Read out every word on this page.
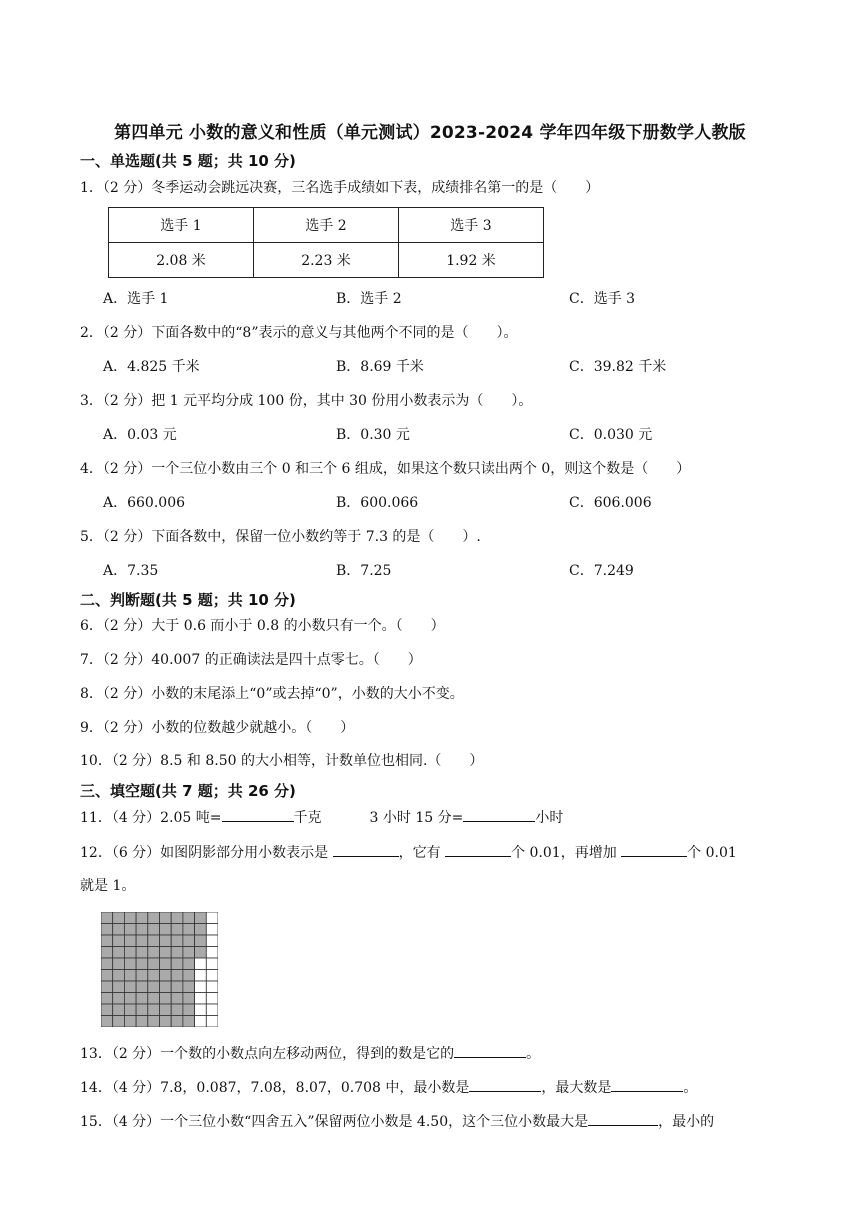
第四单元 小数的意义和性质（单元测试）2023-2024 学年四年级下册数学人教版
一、单选题(共 5 题；共 10 分)
1．（2 分）冬季运动会跳远决赛，三名选手成绩如下表，成绩排名第一的是（　　）
选手 1	选手 2	选手 3
2.08 米	2.23 米	1.92 米
A．选手 1	B．选手 2	C．选手 3
2．（2 分）下面各数中的“8”表示的意义与其他两个不同的是（　　）。
A．4.825 千米	B．8.69 千米	C．39.82 千米
3．（2 分）把 1 元平均分成 100 份，其中 30 份用小数表示为（　　）。
A．0.03 元	B．0.30 元	C．0.030 元
4．（2 分）一个三位小数由三个 0 和三个 6 组成，如果这个数只读出两个 0，则这个数是（　　）
A．660.006	B．600.066	C．606.006
5．（2 分）下面各数中，保留一位小数约等于 7.3 的是（　　）.
A．7.35	B．7.25	C．7.249
二、判断题(共 5 题；共 10 分)
6．（2 分）大于 0.6 而小于 0.8 的小数只有一个。（　　）
7．（2 分）40.007 的正确读法是四十点零七。（　　）
8．（2 分）小数的末尾添上“0”或去掉“0”，小数的大小不变。
9．（2 分）小数的位数越少就越小。（　　）
10．（2 分）8.5 和 8.50 的大小相等，计数单位也相同.（　　）
三、填空题(共 7 题；共 26 分)
11．（4 分）2.05 吨=	千克	3 小时 15 分=	小时
12．（6 分）如图阴影部分用小数表示是	，它有	个 0.01，再增加	个 0.01
就是 1。
13．（2 分）一个数的小数点向左移动两位，得到的数是它的	。
14．（4 分）7.8，0.087，7.08，8.07，0.708 中，最小数是	，最大数是	。
15．（4 分）一个三位小数“四舍五入”保留两位小数是 4.50，这个三位小数最大是	，最小的
